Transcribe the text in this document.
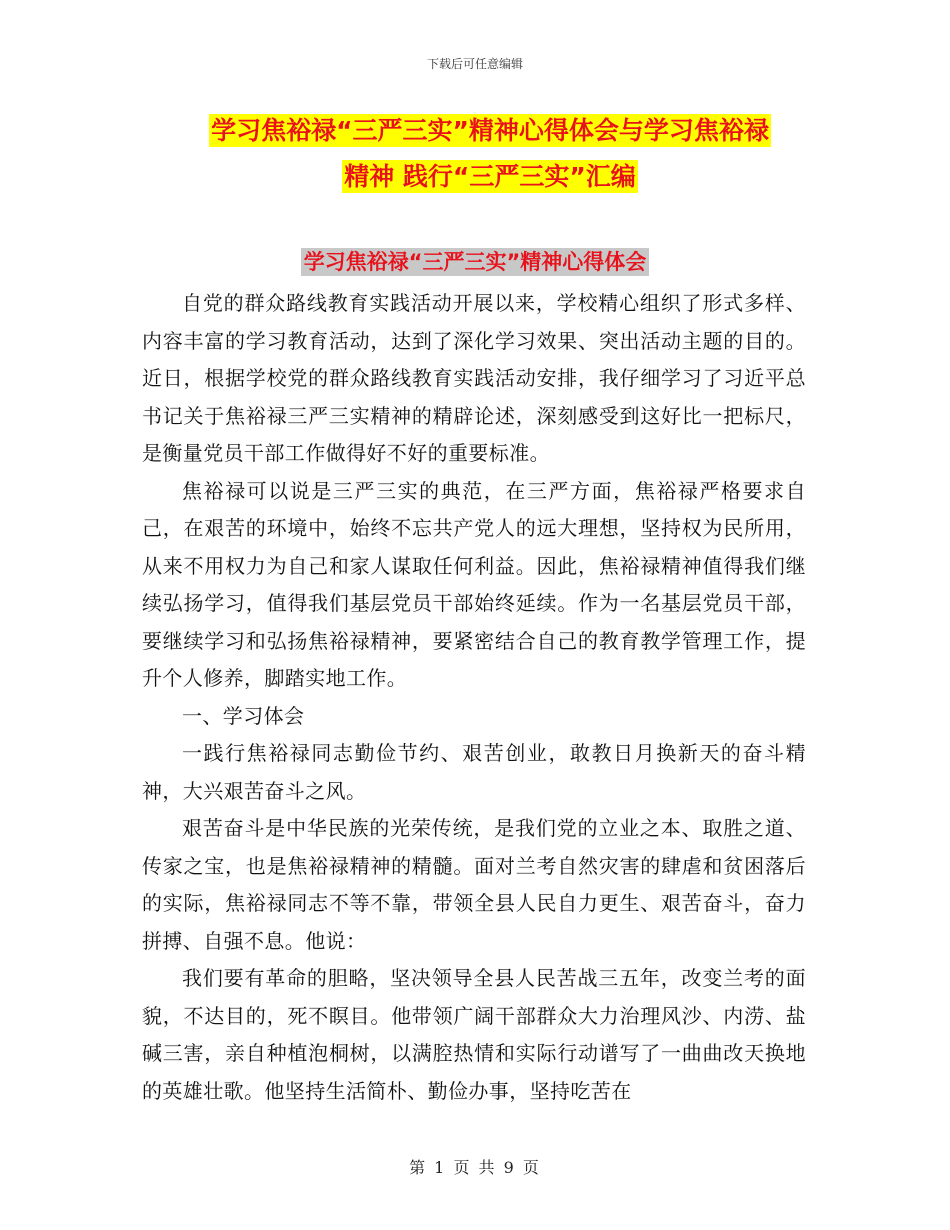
下载后可任意编辑
学习焦裕禄“三严三实”精神心得体会与学习焦裕禄
精神 践行“三严三实”汇编
学习焦裕禄“三严三实”精神心得体会

自党的群众路线教育实践活动开展以来，学校精心组织了形式多样、内容丰富的学习教育活动，达到了深化学习效果、突出活动主题的目的。近日，根据学校党的群众路线教育实践活动安排，我仔细学习了习近平总书记关于焦裕禄三严三实精神的精辟论述，深刻感受到这好比一把标尺，是衡量党员干部工作做得好不好的重要标准。

焦裕禄可以说是三严三实的典范，在三严方面，焦裕禄严格要求自己，在艰苦的环境中，始终不忘共产党人的远大理想，坚持权为民所用，从来不用权力为自己和家人谋取任何利益。因此，焦裕禄精神值得我们继续弘扬学习，值得我们基层党员干部始终延续。作为一名基层党员干部，要继续学习和弘扬焦裕禄精神，要紧密结合自己的教育教学管理工作，提升个人修养，脚踏实地工作。

一、学习体会

一践行焦裕禄同志勤俭节约、艰苦创业，敢教日月换新天的奋斗精神，大兴艰苦奋斗之风。

艰苦奋斗是中华民族的光荣传统，是我们党的立业之本、取胜之道、传家之宝，也是焦裕禄精神的精髓。面对兰考自然灾害的肆虐和贫困落后的实际，焦裕禄同志不等不靠，带领全县人民自力更生、艰苦奋斗，奋力拼搏、自强不息。他说：

我们要有革命的胆略，坚决领导全县人民苦战三五年，改变兰考的面貌，不达目的，死不瞑目。他带领广阔干部群众大力治理风沙、内涝、盐碱三害，亲自种植泡桐树，以满腔热情和实际行动谱写了一曲曲改天换地的英雄壮歌。他坚持生活简朴、勤俭办事，坚持吃苦在

第 1 页 共 9 页
